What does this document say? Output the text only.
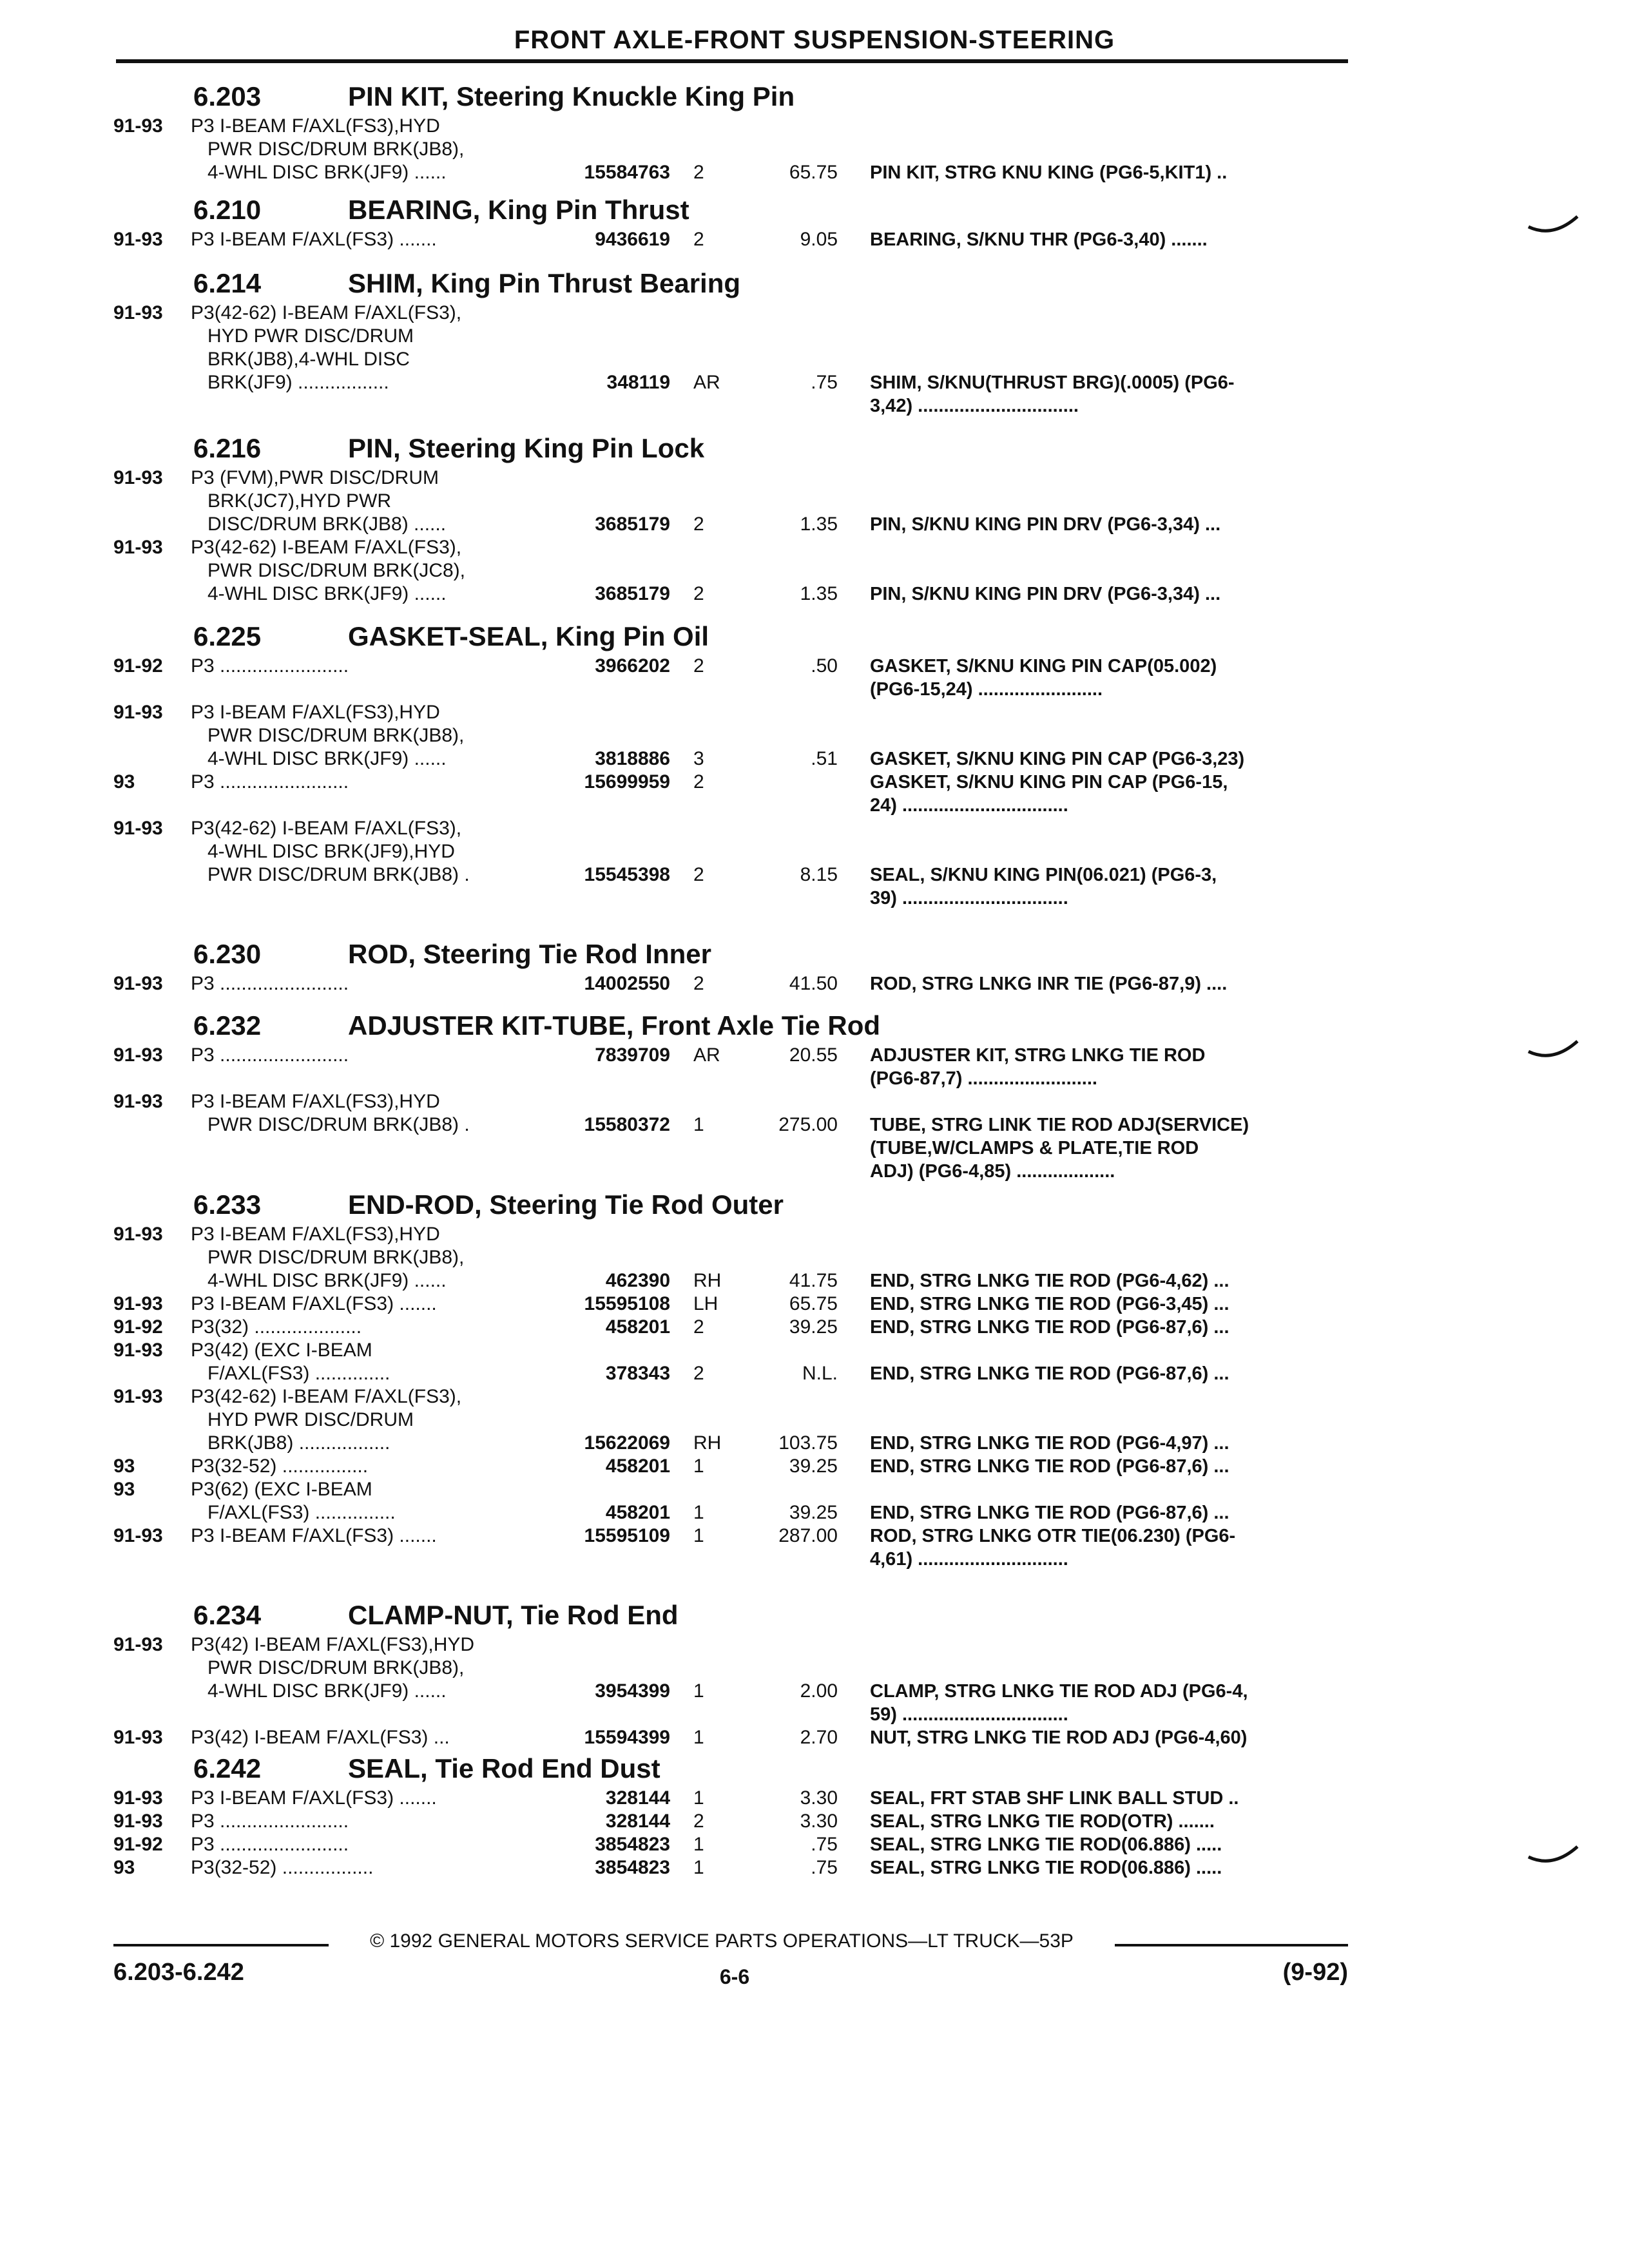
FRONT AXLE-FRONT SUSPENSION-STEERING
6.203	PIN KIT, Steering Knuckle King Pin
91-93	P3 I-BEAM F/AXL(FS3),HYD
PWR DISC/DRUM BRK(JB8),
4-WHL DISC BRK(JF9) ......	15584763 2	65.75 PIN KIT, STRG KNU KING (PG6-5,KIT1) ..
6.210	BEARING, King Pin Thrust
91-93	P3 I-BEAM F/AXL(FS3) .......	9436619 2	9.05 BEARING, S/KNU THR (PG6-3,40) .......
6.214	SHIM, King Pin Thrust Bearing
91-93	P3(42-62) I-BEAM F/AXL(FS3),
HYD PWR DISC/DRUM
BRK(JB8),4-WHL DISC
BRK(JF9) .................	348119 AR	.75 SHIM, S/KNU(THRUST BRG)(.0005) (PG6-
3,42) ...............................
6.216	PIN, Steering King Pin Lock
91-93	P3 (FVM),PWR DISC/DRUM
BRK(JC7),HYD PWR
DISC/DRUM BRK(JB8) ......	3685179 2	1.35 PIN, S/KNU KING PIN DRV (PG6-3,34) ...
91-93	P3(42-62) I-BEAM F/AXL(FS3),
PWR DISC/DRUM BRK(JC8),
4-WHL DISC BRK(JF9) ......	3685179 2	1.35 PIN, S/KNU KING PIN DRV (PG6-3,34) ...
6.225	GASKET-SEAL, King Pin Oil
91-92	P3 ........................	3966202 2	.50 GASKET, S/KNU KING PIN CAP(05.002)
(PG6-15,24) ........................
91-93	P3 I-BEAM F/AXL(FS3),HYD
PWR DISC/DRUM BRK(JB8),
4-WHL DISC BRK(JF9) ......	3818886 3	.51 GASKET, S/KNU KING PIN CAP (PG6-3,23)
93	P3 ........................	15699959 2	GASKET, S/KNU KING PIN CAP (PG6-15,
24) ................................
91-93	P3(42-62) I-BEAM F/AXL(FS3),
4-WHL DISC BRK(JF9),HYD
PWR DISC/DRUM BRK(JB8) .	15545398 2	8.15 SEAL, S/KNU KING PIN(06.021) (PG6-3,
39) ................................
6.230	ROD, Steering Tie Rod Inner
91-93	P3 ........................	14002550 2	41.50 ROD, STRG LNKG INR TIE (PG6-87,9) ....
6.232	ADJUSTER KIT-TUBE, Front Axle Tie Rod
91-93	P3 ........................	7839709 AR	20.55 ADJUSTER KIT, STRG LNKG TIE ROD
(PG6-87,7) .........................
91-93	P3 I-BEAM F/AXL(FS3),HYD
PWR DISC/DRUM BRK(JB8) .	15580372 1	275.00 TUBE, STRG LINK TIE ROD ADJ(SERVICE)
(TUBE,W/CLAMPS & PLATE,TIE ROD
ADJ) (PG6-4,85) ...................
6.233	END-ROD, Steering Tie Rod Outer
91-93	P3 I-BEAM F/AXL(FS3),HYD
PWR DISC/DRUM BRK(JB8),
4-WHL DISC BRK(JF9) ......	462390 RH	41.75 END, STRG LNKG TIE ROD (PG6-4,62) ...
91-93	P3 I-BEAM F/AXL(FS3) .......	15595108 LH	65.75 END, STRG LNKG TIE ROD (PG6-3,45) ...
91-92	P3(32) ....................	458201 2	39.25 END, STRG LNKG TIE ROD (PG6-87,6) ...
91-93	P3(42) (EXC I-BEAM
F/AXL(FS3) ..............	378343 2	N.L. END, STRG LNKG TIE ROD (PG6-87,6) ...
91-93	P3(42-62) I-BEAM F/AXL(FS3),
HYD PWR DISC/DRUM
BRK(JB8) .................	15622069 RH	103.75 END, STRG LNKG TIE ROD (PG6-4,97) ...
93	P3(32-52) ................	458201 1	39.25 END, STRG LNKG TIE ROD (PG6-87,6) ...
93	P3(62) (EXC I-BEAM
F/AXL(FS3) ...............	458201 1	39.25 END, STRG LNKG TIE ROD (PG6-87,6) ...
91-93	P3 I-BEAM F/AXL(FS3) .......	15595109 1	287.00 ROD, STRG LNKG OTR TIE(06.230) (PG6-
4,61) .............................
6.234	CLAMP-NUT, Tie Rod End
91-93	P3(42) I-BEAM F/AXL(FS3),HYD
PWR DISC/DRUM BRK(JB8),
4-WHL DISC BRK(JF9) ......	3954399 1	2.00 CLAMP, STRG LNKG TIE ROD ADJ (PG6-4,
59) ................................
91-93	P3(42) I-BEAM F/AXL(FS3) ...	15594399 1	2.70 NUT, STRG LNKG TIE ROD ADJ (PG6-4,60)
6.242	SEAL, Tie Rod End Dust
91-93	P3 I-BEAM F/AXL(FS3) .......	328144 1	3.30 SEAL, FRT STAB SHF LINK BALL STUD ..
91-93	P3 ........................	328144 2	3.30 SEAL, STRG LNKG TIE ROD(OTR) .......
91-92	P3 ........................	3854823 1	.75 SEAL, STRG LNKG TIE ROD(06.886) .....
93	P3(32-52) .................	3854823 1	.75 SEAL, STRG LNKG TIE ROD(06.886) .....
© 1992 GENERAL MOTORS SERVICE PARTS OPERATIONS—LT TRUCK—53P
6.203-6.242	6-6	(9-92)
